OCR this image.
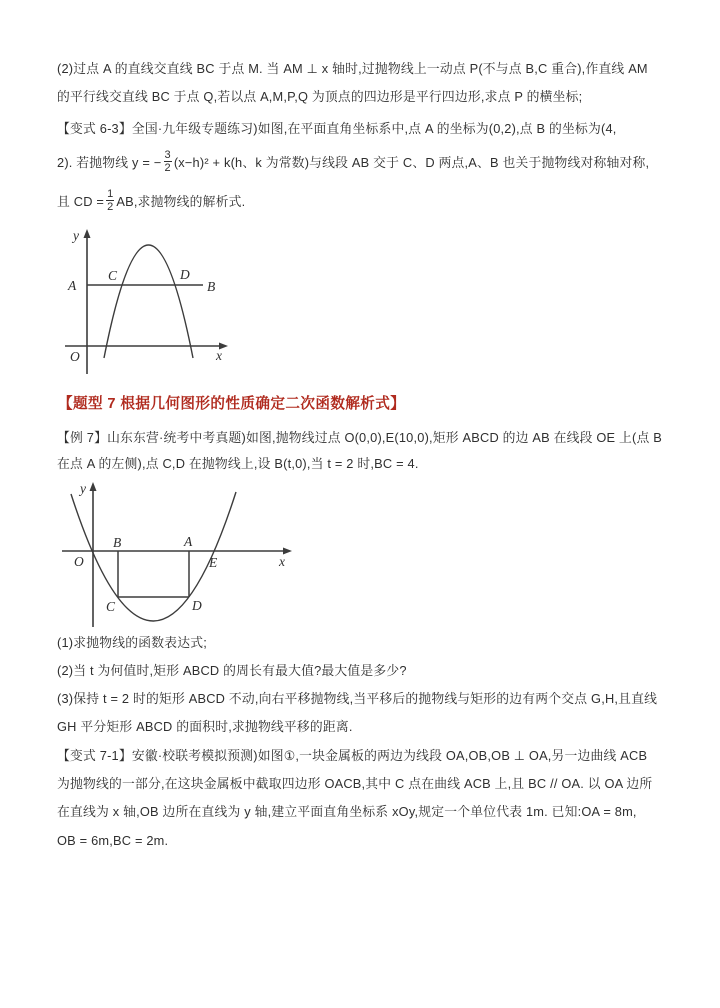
(2)过点 A 的直线交直线 BC 于点 M. 当 AM ⊥ x 轴时,过抛物线上一动点 P(不与点 B,C 重合),作直线 AM
的平行线交直线 BC 于点 Q,若以点 A,M,P,Q 为顶点的四边形是平行四边形,求点 P 的横坐标;
【变式 6-3】全国·九年级专题练习)如图,在平面直角坐标系中,点 A 的坐标为(0,2),点 B 的坐标为(4,
2). 若抛物线 y = − $\frac{3}{2} (x-h)^2 + k(h$、k 为常数)与线段 AB 交于 C、D 两点,A、B 也关于抛物线对称轴对称,
且 CD = $\frac{1}{2}$ AB,求抛物线的解析式.
y
x
O
A	B
C	D
【题型 7 根据几何图形的性质确定二次函数解析式】
【例 7】山东东营·统考中考真题)如图,抛物线过点 O(0,0),E(10,0),矩形 ABCD 的边 AB 在线段 OE 上(点 B
在点 A 的左侧),点 C,D 在抛物线上,设 B(t,0),当 t = 2 时,BC = 4.
y
x
O
B	A
E
C	D
(1)求抛物线的函数表达式;
(2)当 t 为何值时,矩形 ABCD 的周长有最大值?最大值是多少?
(3)保持 t = 2 时的矩形 ABCD 不动,向右平移抛物线,当平移后的抛物线与矩形的边有两个交点 G,H,且直线
GH 平分矩形 ABCD 的面积时,求抛物线平移的距离.
【变式 7-1】安徽·校联考模拟预测)如图①,一块金属板的两边为线段 OA,OB,OB ⊥ OA,另一边曲线 ACB
为抛物线的一部分,在这块金属板中截取四边形 OACB,其中 C 点在曲线 ACB 上,且 BC // OA. 以 OA 边所
在直线为 x 轴,OB 边所在直线为 y 轴,建立平面直角坐标系 xOy,规定一个单位代表 1m. 已知:OA = 8m,
OB = 6m,BC = 2m.
